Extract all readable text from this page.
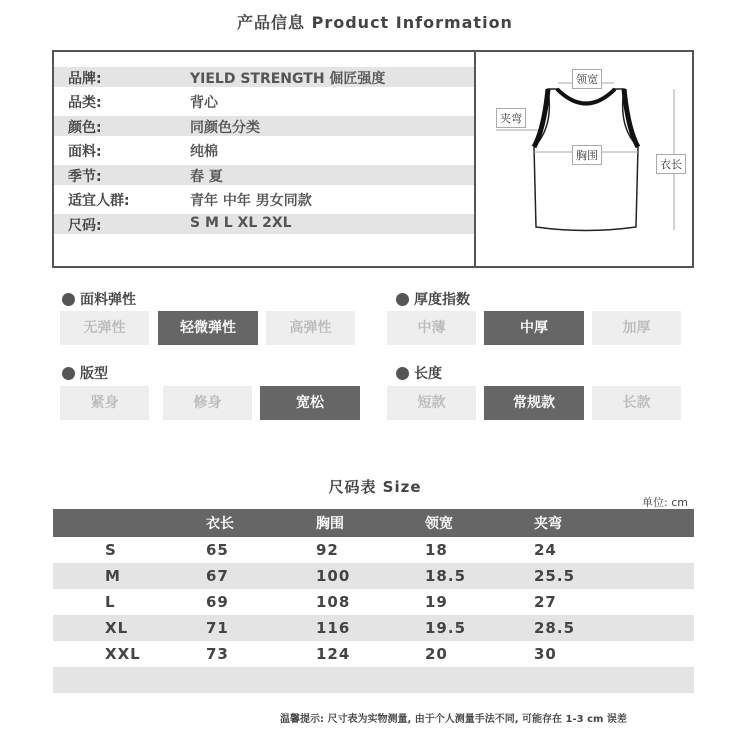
产品信息 Product Information
品牌:	YIELD STRENGTH 倔匠强度
品类:	背心
颜色:	同颜色分类
面料:	纯棉
季节:	春 夏
适宜人群:	青年 中年 男女同款
尺码:	S M L XL 2XL
领宽
夹弯
胸围
衣长
面料弹性
无弹性	轻微弹性	高弹性
厚度指数
中薄	中厚	加厚
版型
紧身	修身	宽松
长度
短款	常规款	长款
尺码表 Size
单位: cm
	衣长	胸围	领宽	夹弯
S	65	92	18	24
M	67	100	18.5	25.5
L	69	108	19	27
XL	71	116	19.5	28.5
XXL	73	124	20	30

温馨提示: 尺寸表为实物测量, 由于个人测量手法不同, 可能存在 1-3 cm 误差
